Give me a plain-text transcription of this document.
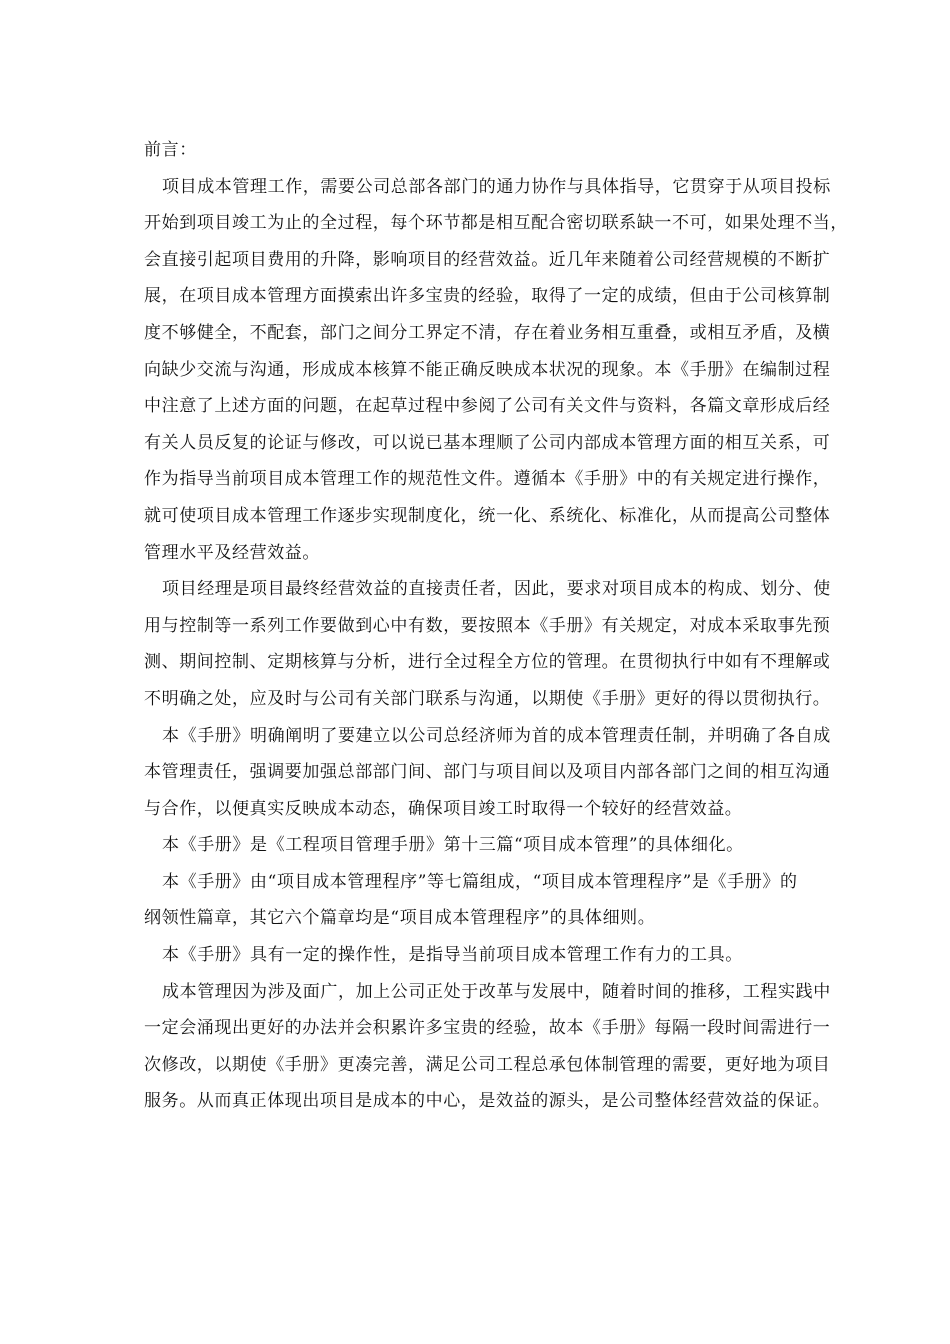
前言：

项目成本管理工作，需要公司总部各部门的通力协作与具体指导，它贯穿于从项目投标
开始到项目竣工为止的全过程，每个环节都是相互配合密切联系缺一不可，如果处理不当，
会直接引起项目费用的升降，影响项目的经营效益。近几年来随着公司经营规模的不断扩
展，在项目成本管理方面摸索出许多宝贵的经验，取得了一定的成绩，但由于公司核算制
度不够健全，不配套，部门之间分工界定不清，存在着业务相互重叠，或相互矛盾，及横
向缺少交流与沟通，形成成本核算不能正确反映成本状况的现象。本《手册》在编制过程
中注意了上述方面的问题，在起草过程中参阅了公司有关文件与资料，各篇文章形成后经
有关人员反复的论证与修改，可以说已基本理顺了公司内部成本管理方面的相互关系，可
作为指导当前项目成本管理工作的规范性文件。遵循本《手册》中的有关规定进行操作，
就可使项目成本管理工作逐步实现制度化，统一化、系统化、标准化，从而提高公司整体
管理水平及经营效益。

项目经理是项目最终经营效益的直接责任者，因此，要求对项目成本的构成、划分、使
用与控制等一系列工作要做到心中有数，要按照本《手册》有关规定，对成本采取事先预
测、期间控制、定期核算与分析，进行全过程全方位的管理。在贯彻执行中如有不理解或
不明确之处，应及时与公司有关部门联系与沟通，以期使《手册》更好的得以贯彻执行。

本《手册》明确阐明了要建立以公司总经济师为首的成本管理责任制，并明确了各自成
本管理责任，强调要加强总部部门间、部门与项目间以及项目内部各部门之间的相互沟通
与合作，以便真实反映成本动态，确保项目竣工时取得一个较好的经营效益。

本《手册》是《工程项目管理手册》第十三篇“项目成本管理”的具体细化。

本《手册》由“项目成本管理程序”等七篇组成，“项目成本管理程序”是《手册》的
纲领性篇章，其它六个篇章均是“项目成本管理程序”的具体细则。

本《手册》具有一定的操作性，是指导当前项目成本管理工作有力的工具。

成本管理因为涉及面广，加上公司正处于改革与发展中，随着时间的推移，工程实践中
一定会涌现出更好的办法并会积累许多宝贵的经验，故本《手册》每隔一段时间需进行一
次修改，以期使《手册》更凑完善，满足公司工程总承包体制管理的需要，更好地为项目
服务。从而真正体现出项目是成本的中心，是效益的源头，是公司整体经营效益的保证。
